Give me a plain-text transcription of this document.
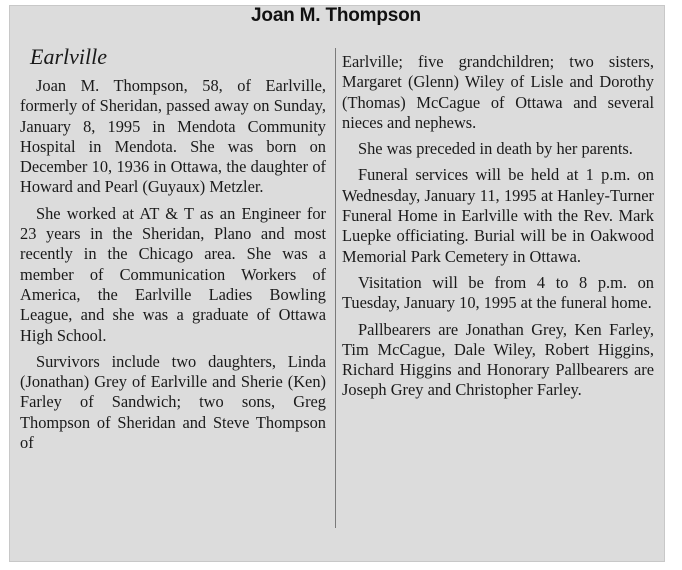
Joan M. Thompson
Earlville

Joan M. Thompson, 58, of Earlville, formerly of Sheridan, passed away on Sunday, January 8, 1995 in Mendota Community Hospital in Mendota. She was born on December 10, 1936 in Ottawa, the daughter of Howard and Pearl (Guyaux) Metzler.

She worked at AT & T as an Engineer for 23 years in the Sheridan, Plano and most recently in the Chicago area. She was a member of Communication Workers of America, the Earlville Ladies Bowling League, and she was a graduate of Ottawa High School.

Survivors include two daughters, Linda (Jonathan) Grey of Earlville and Sherie (Ken) Farley of Sandwich; two sons, Greg Thompson of Sheridan and Steve Thompson of

Earlville; five grandchildren; two sisters, Margaret (Glenn) Wiley of Lisle and Dorothy (Thomas) McCague of Ottawa and several nieces and nephews.

She was preceded in death by her parents.

Funeral services will be held at 1 p.m. on Wednesday, January 11, 1995 at Hanley-Turner Funeral Home in Earlville with the Rev. Mark Luepke officiating. Burial will be in Oakwood Memorial Park Cemetery in Ottawa.

Visitation will be from 4 to 8 p.m. on Tuesday, January 10, 1995 at the funeral home.

Pallbearers are Jonathan Grey, Ken Farley, Tim McCague, Dale Wiley, Robert Higgins, Richard Higgins and Honorary Pallbearers are Joseph Grey and Christopher Farley.
